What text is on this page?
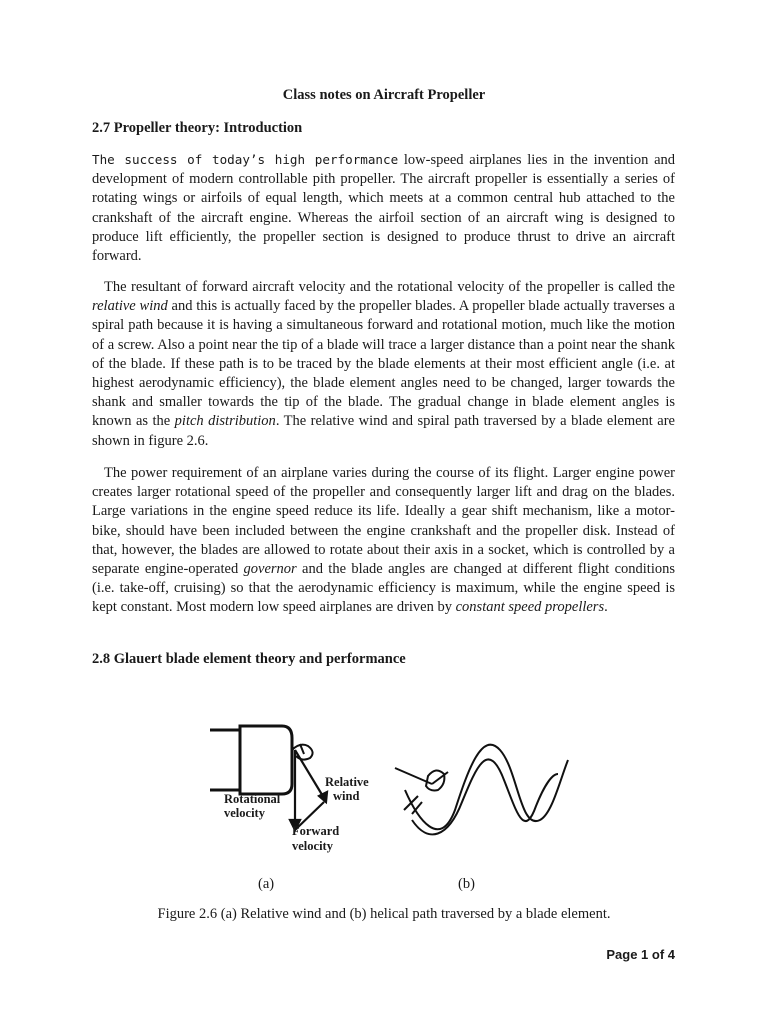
Class notes on Aircraft Propeller
2.7 Propeller theory: Introduction
The success of today’s high performance low-speed airplanes lies in the invention and development of modern controllable pith propeller. The aircraft propeller is essentially a series of rotating wings or airfoils of equal length, which meets at a common central hub attached to the crankshaft of the aircraft engine. Whereas the airfoil section of an aircraft wing is designed to produce lift efficiently, the propeller section is designed to produce thrust to drive an aircraft forward.
The resultant of forward aircraft velocity and the rotational velocity of the propeller is called the relative wind and this is actually faced by the propeller blades. A propeller blade actually traverses a spiral path because it is having a simultaneous forward and rotational motion, much like the motion of a screw. Also a point near the tip of a blade will trace a larger distance than a point near the shank of the blade. If these path is to be traced by the blade elements at their most efficient angle (i.e. at highest aerodynamic efficiency), the blade element angles need to be changed, larger towards the shank and smaller towards the tip of the blade. The gradual change in blade element angles is known as the pitch distribution. The relative wind and spiral path traversed by a blade element are shown in figure 2.6.
The power requirement of an airplane varies during the course of its flight. Larger engine power creates larger rotational speed of the propeller and consequently larger lift and drag on the blades. Large variations in the engine speed reduce its life. Ideally a gear shift mechanism, like a motor-bike, should have been included between the engine crankshaft and the propeller disk. Instead of that, however, the blades are allowed to rotate about their axis in a socket, which is controlled by a separate engine-operated governor and the blade angles are changed at different flight conditions (i.e. take-off, cruising) so that the aerodynamic efficiency is maximum, while the engine speed is kept constant. Most modern low speed airplanes are driven by constant speed propellers.
2.8 Glauert blade element theory and performance
Relative
wind
Rotational
velocity
Forward
velocity
(a)	(b)
Figure 2.6 (a) Relative wind and (b) helical path traversed by a blade element.
Page 1 of 4
